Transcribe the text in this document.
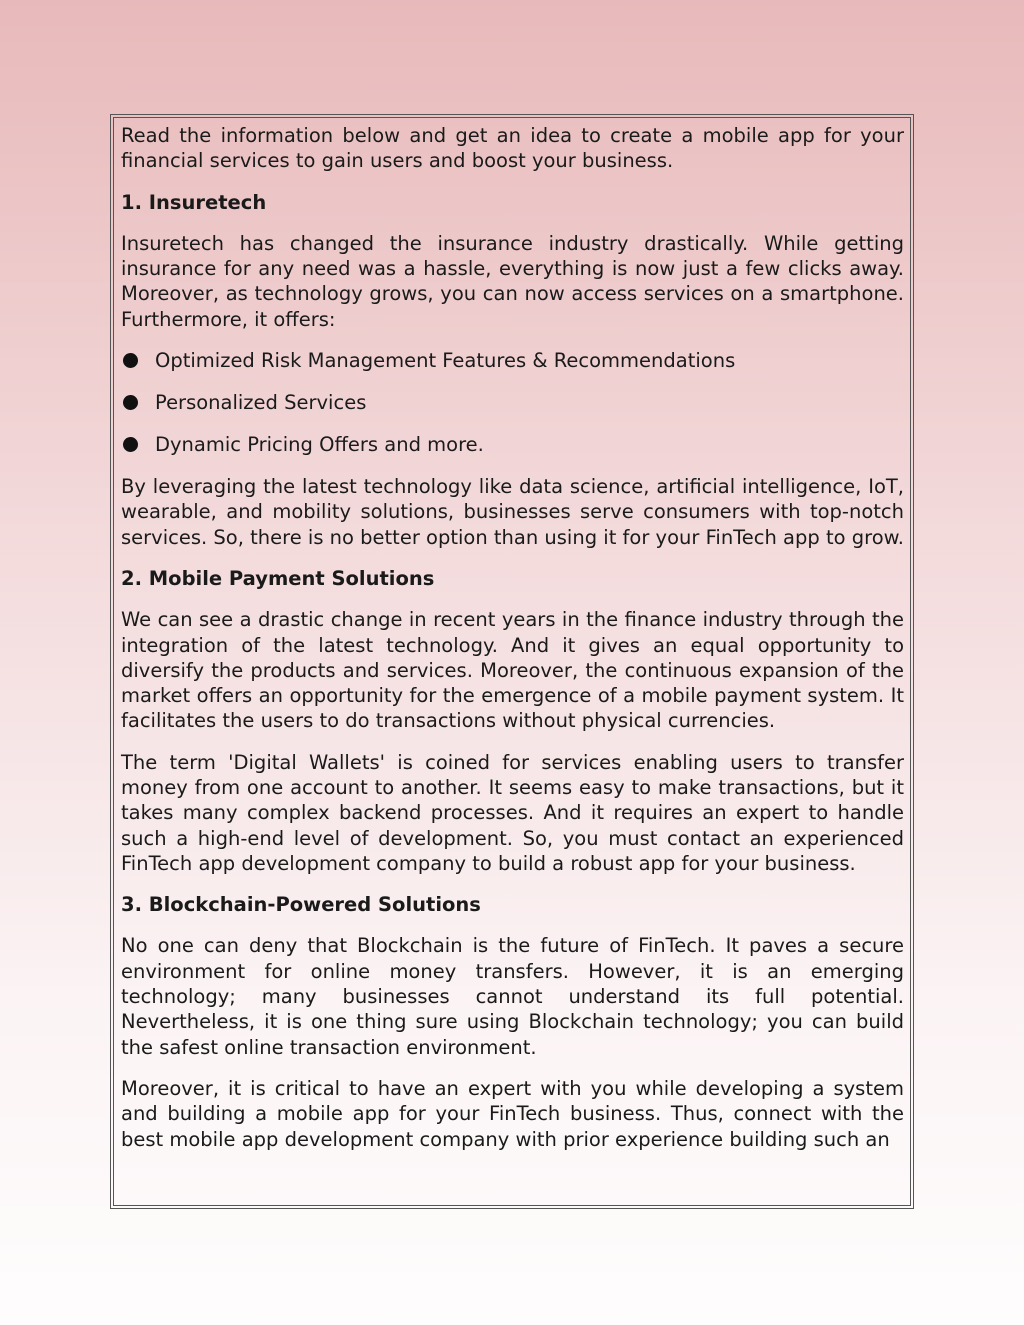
Read the information below and get an idea to create a mobile app for your financial services to gain users and boost your business.

1. Insuretech

Insuretech has changed the insurance industry drastically. While getting insurance for any need was a hassle, everything is now just a few clicks away. Moreover, as technology grows, you can now access services on a smartphone. Furthermore, it offers:

Optimized Risk Management Features & Recommendations
Personalized Services
Dynamic Pricing Offers and more.

By leveraging the latest technology like data science, artificial intelligence, IoT, wearable, and mobility solutions, businesses serve consumers with top-notch services. So, there is no better option than using it for your FinTech app to grow.

2. Mobile Payment Solutions

We can see a drastic change in recent years in the finance industry through the integration of the latest technology. And it gives an equal opportunity to diversify the products and services. Moreover, the continuous expansion of the market offers an opportunity for the emergence of a mobile payment system. It facilitates the users to do transactions without physical currencies.

The term 'Digital Wallets' is coined for services enabling users to transfer money from one account to another. It seems easy to make transactions, but it takes many complex backend processes. And it requires an expert to handle such a high-end level of development. So, you must contact an experienced FinTech app development company to build a robust app for your business.

3. Blockchain-Powered Solutions

No one can deny that Blockchain is the future of FinTech. It paves a secure environment for online money transfers. However, it is an emerging technology; many businesses cannot understand its full potential. Nevertheless, it is one thing sure using Blockchain technology; you can build the safest online transaction environment.

Moreover, it is critical to have an expert with you while developing a system and building a mobile app for your FinTech business. Thus, connect with the best mobile app development company with prior experience building such an
